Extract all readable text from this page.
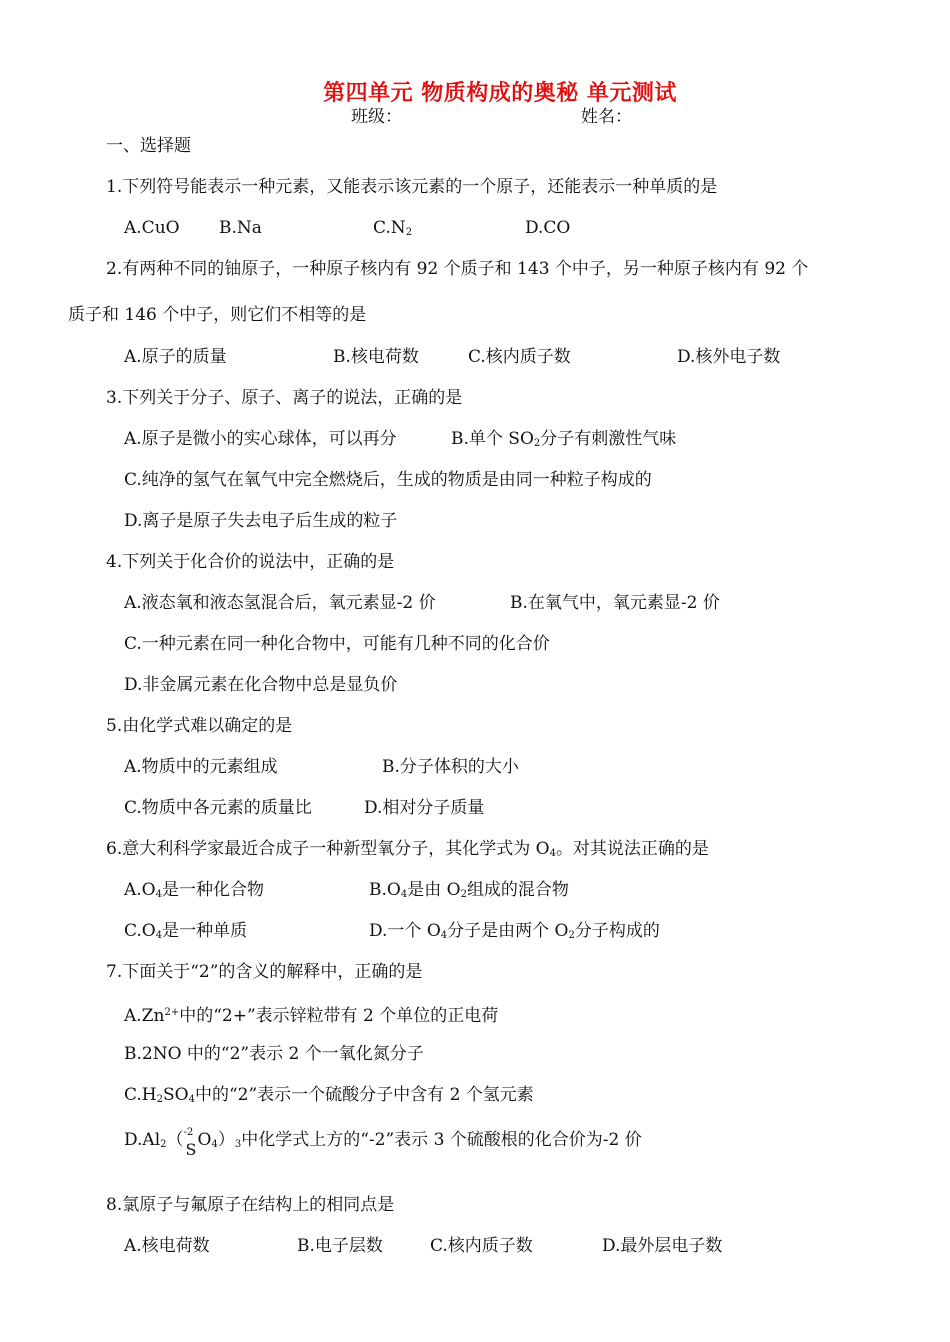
第四单元 物质构成的奥秘 单元测试
班级：	姓名：
一、选择题
1.下列符号能表示一种元素，又能表示该元素的一个原子，还能表示一种单质的是
A.CuO B.Na	$C.N_2$	D.CO
2.有两种不同的铀原子，一种原子核内有 92 个质子和 143 个中子，另一种原子核内有 92 个
质子和 146 个中子，则它们不相等的是
A.原子的质量	B.核电荷数	C.核内质子数	D.核外电子数
3.下列关于分子、原子、离子的说法，正确的是
A.原子是微小的实心球体，可以再分	B.单个 $SO_2$分子有刺激性气味
C.纯净的氢气在氧气中完全燃烧后，生成的物质是由同一种粒子构成的
D.离子是原子失去电子后生成的粒子
4.下列关于化合价的说法中，正确的是
A.液态氧和液态氢混合后，氧元素显-2 价	B.在氧气中，氧元素显-2 价
C.一种元素在同一种化合物中，可能有几种不同的化合价
D.非金属元素在化合物中总是显负价
5.由化学式难以确定的是
A.物质中的元素组成	B.分子体积的大小
C.物质中各元素的质量比	D.相对分子质量
6.意大利科学家最近合成子一种新型氧分子，其化学式为 $O_4$。对其说法正确的是
$A.O_4$是一种化合物	$B.O_4$是由 $O_2$组成的混合物
$C.O_4$是一种单质	D.一个 $O_4$分子是由两个 $O_2$分子构成的
7.下面关于“2”的含义的解释中，正确的是
$A.Zn^{2+}$中的“2+”表示锌粒带有 2 个单位的正电荷
B.2NO 中的“2”表示 2 个一氧化氮分子
$C.H_2SO_4$中的“2”表示一个硫酸分子中含有 2 个氢元素
$D.Al_2$（ -2
S $O_4)_3$中化学式上方的“-2”表示 3 个硫酸根的化合价为-2 价
8.氯原子与氟原子在结构上的相同点是
A.核电荷数	B.电子层数	C.核内质子数	D.最外层电子数
